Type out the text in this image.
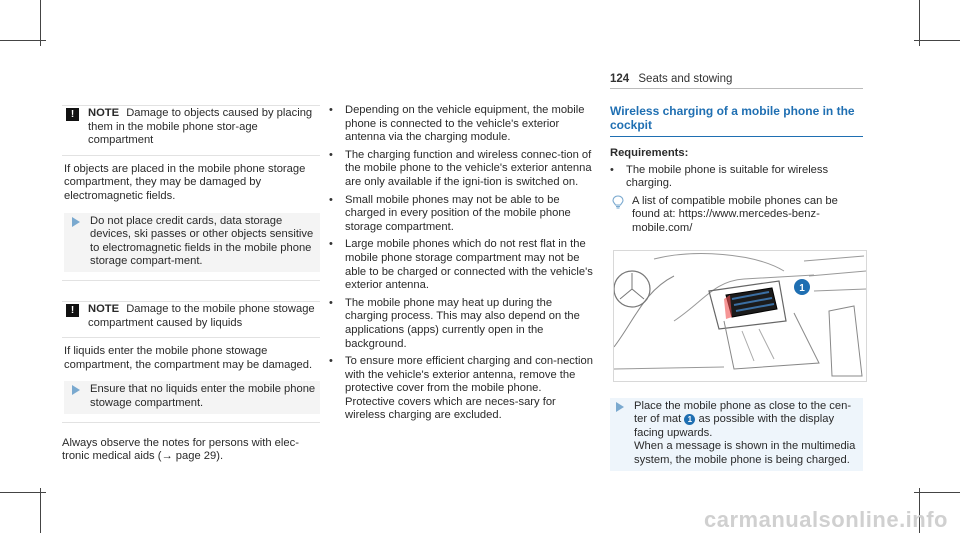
124 Seats and stowing
!	NOTE Damage to objects caused by placing them in the mobile phone stor-age compartment

If objects are placed in the mobile phone storage compartment, they may be damaged by electromagnetic fields.

Do not place credit cards, data storage devices, ski passes or other objects sensitive to electromagnetic fields in the mobile phone storage compart-ment.
!	NOTE Damage to the mobile phone stowage compartment caused by liquids

If liquids enter the mobile phone stowage compartment, the compartment may be damaged.

Ensure that no liquids enter the mobile phone stowage compartment.

Always observe the notes for persons with elec-tronic medical aids (→ page 29).

•	Depending on the vehicle equipment, the mobile phone is connected to the vehicle's exterior antenna via the charging module.
•	The charging function and wireless connec-tion of the mobile phone to the vehicle's exterior antenna are only available if the igni-tion is switched on.
•	Small mobile phones may not be able to be charged in every position of the mobile phone storage compartment.
•	Large mobile phones which do not rest flat in the mobile phone storage compartment may not be able to be charged or connected with the vehicle's exterior antenna.
•	The mobile phone may heat up during the charging process. This may also depend on the applications (apps) currently open in the background.
•	To ensure more efficient charging and con-nection with the vehicle's exterior antenna, remove the protective cover from the mobile phone. Protective covers which are neces-sary for wireless charging are excluded.
Wireless charging of a mobile phone in the cockpit
Requirements:
•	The mobile phone is suitable for wireless charging.
A list of compatible mobile phones can be found at: https://www.mercedes-benz-mobile.com/
1
Place the mobile phone as close to the cen-ter of mat 1 as possible with the display facing upwards.
When a message is shown in the multimedia system, the mobile phone is being charged.
carmanualsonline.info
